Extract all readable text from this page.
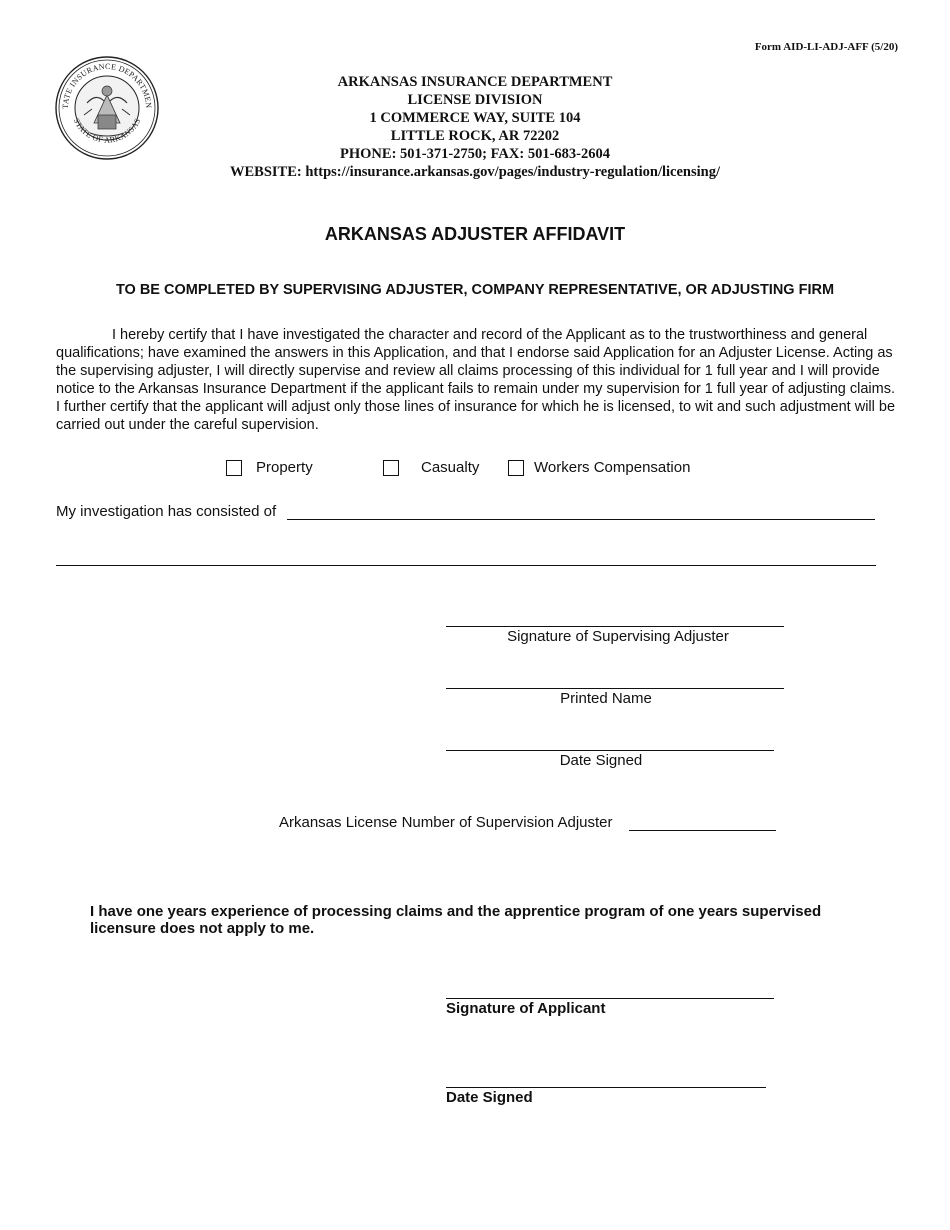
Form AID-LI-ADJ-AFF (5/20)
TATE INSURANCE DEPARTMEN
STATE OF ARKANSAS
ARKANSAS INSURANCE DEPARTMENT
LICENSE DIVISION
1 COMMERCE WAY, SUITE 104
LITTLE ROCK, AR 72202
PHONE: 501-371-2750; FAX: 501-683-2604
WEBSITE: https://insurance.arkansas.gov/pages/industry-regulation/licensing/
ARKANSAS ADJUSTER AFFIDAVIT
TO BE COMPLETED BY SUPERVISING ADJUSTER, COMPANY REPRESENTATIVE, OR ADJUSTING FIRM
I hereby certify that I have investigated the character and record of the Applicant as to the trustworthiness and general qualifications; have examined the answers in this Application, and that I endorse said Application for an Adjuster License. Acting as the supervising adjuster, I will directly supervise and review all claims processing of this individual for 1 full year and I will provide notice to the Arkansas Insurance Department if the applicant fails to remain under my supervision for 1 full year of adjusting claims. I further certify that the applicant will adjust only those lines of insurance for which he is licensed, to wit and such adjustment will be carried out under the careful supervision.
Property	Casualty	Workers Compensation
My investigation has consisted of
Signature of Supervising Adjuster
Printed Name
Date Signed
Arkansas License Number of Supervision Adjuster
I have one years experience of processing claims and the apprentice program of one years supervised licensure does not apply to me.
Signature of Applicant
Date Signed
